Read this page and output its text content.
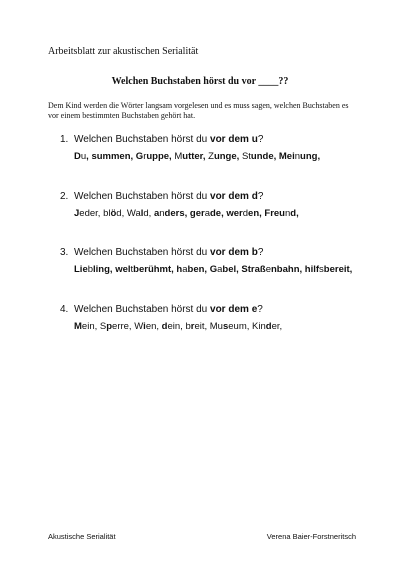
Arbeitsblatt zur akustischen Serialität
Welchen Buchstaben hörst du vor ____??
Dem Kind werden die Wörter langsam vorgelesen und es muss sagen, welchen Buchstaben es vor einem bestimmten Buchstaben gehört hat.
1. Welchen Buchstaben hörst du vor dem u?
Du, summen, Gruppe, Mutter, Zunge, Stunde, Meinung,
2. Welchen Buchstaben hörst du vor dem d?
Jeder, blöd, Wald, anders, gerade, werden, Freund,
3. Welchen Buchstaben hörst du vor dem b?
Liebling, weltberühmt, haben, Gabel, Straßenbahn, hilfsbereit,
4. Welchen Buchstaben hörst du vor dem e?
Mein, Sperre, Wien, dein, breit, Museum, Kinder,
Akustische Serialität	Verena Baier-Forstneritsch
